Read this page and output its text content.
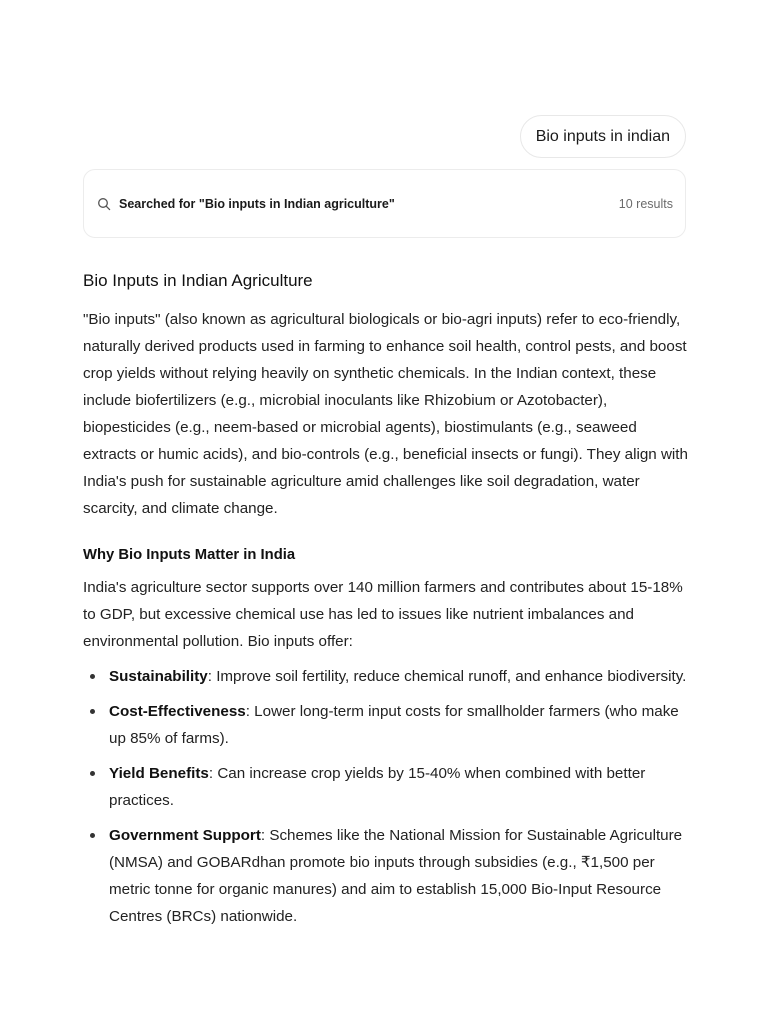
Bio inputs in indian
Searched for "Bio inputs in Indian agriculture"	10 results
Bio Inputs in Indian Agriculture

"Bio inputs" (also known as agricultural biologicals or bio-agri inputs) refer to eco-friendly, naturally derived products used in farming to enhance soil health, control pests, and boost crop yields without relying heavily on synthetic chemicals. In the Indian context, these include biofertilizers (e.g., microbial inoculants like Rhizobium or Azotobacter), biopesticides (e.g., neem-based or microbial agents), biostimulants (e.g., seaweed extracts or humic acids), and bio-controls (e.g., beneficial insects or fungi). They align with India's push for sustainable agriculture amid challenges like soil degradation, water scarcity, and climate change.

Why Bio Inputs Matter in India

India's agriculture sector supports over 140 million farmers and contributes about 15-18% to GDP, but excessive chemical use has led to issues like nutrient imbalances and environmental pollution. Bio inputs offer:

Sustainability: Improve soil fertility, reduce chemical runoff, and enhance biodiversity.
Cost-Effectiveness: Lower long-term input costs for smallholder farmers (who make up 85% of farms).
Yield Benefits: Can increase crop yields by 15-40% when combined with better practices.
Government Support: Schemes like the National Mission for Sustainable Agriculture (NMSA) and GOBARdhan promote bio inputs through subsidies (e.g., ₹1,500 per metric tonne for organic manures) and aim to establish 15,000 Bio-Input Resource Centres (BRCs) nationwide.
